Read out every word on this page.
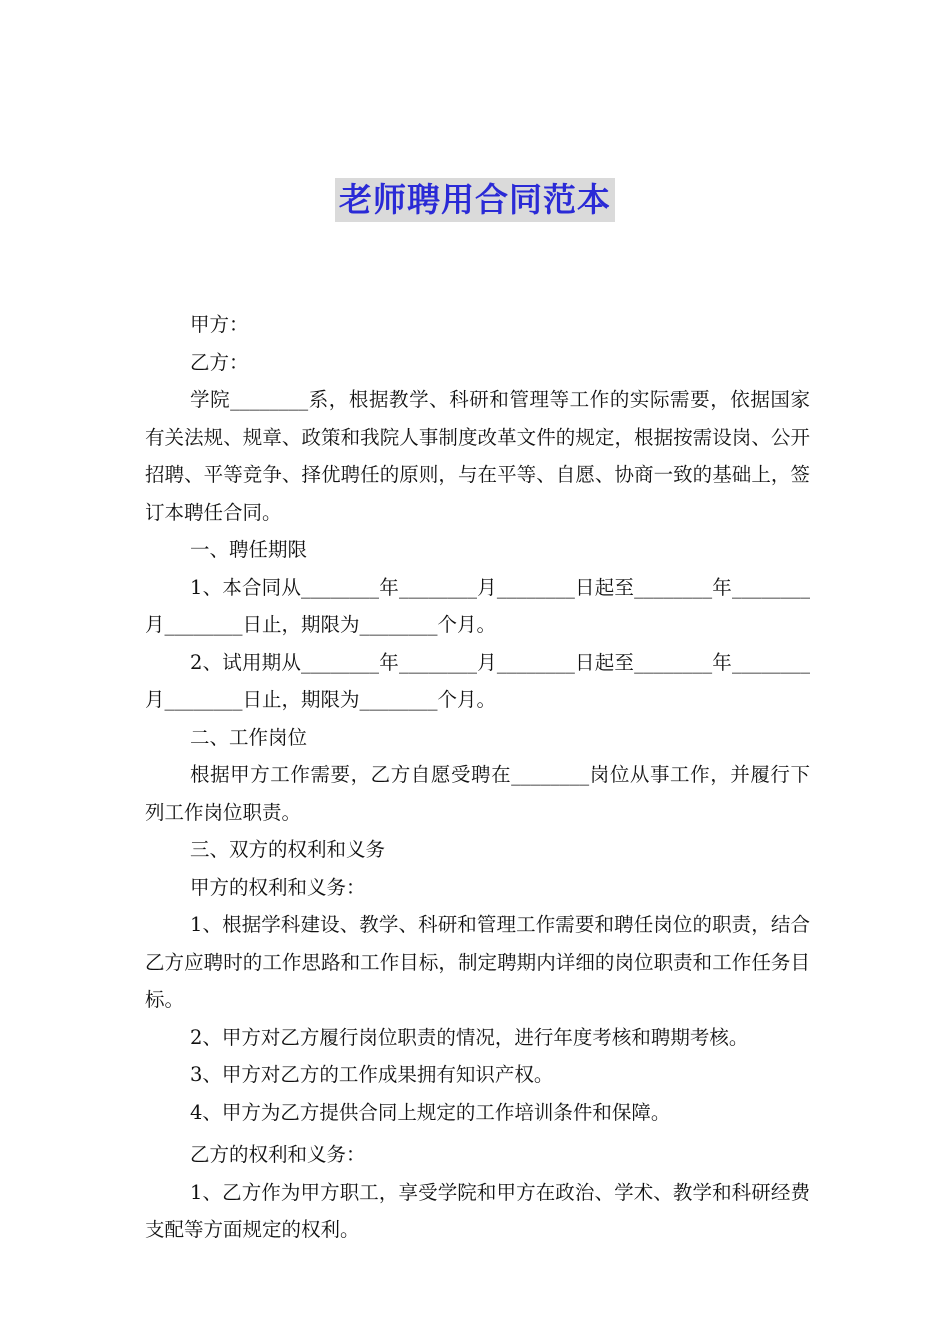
老师聘用合同范本

甲方：

乙方：

学院________系，根据教学、科研和管理等工作的实际需要，依据国家有关法规、规章、政策和我院人事制度改革文件的规定，根据按需设岗、公开招聘、平等竞争、择优聘任的原则，与在平等、自愿、协商一致的基础上，签订本聘任合同。

一、聘任期限

1、本合同从________年________月________日起至________年________月________日止，期限为________个月。

2、试用期从________年________月________日起至________年________月________日止，期限为________个月。

二、工作岗位

根据甲方工作需要，乙方自愿受聘在________岗位从事工作，并履行下列工作岗位职责。

三、双方的权利和义务

甲方的权利和义务：

1、根据学科建设、教学、科研和管理工作需要和聘任岗位的职责，结合乙方应聘时的工作思路和工作目标，制定聘期内详细的岗位职责和工作任务目标。

2、甲方对乙方履行岗位职责的情况，进行年度考核和聘期考核。

3、甲方对乙方的工作成果拥有知识产权。

4、甲方为乙方提供合同上规定的工作培训条件和保障。

乙方的权利和义务：

1、乙方作为甲方职工，享受学院和甲方在政治、学术、教学和科研经费支配等方面规定的权利。
